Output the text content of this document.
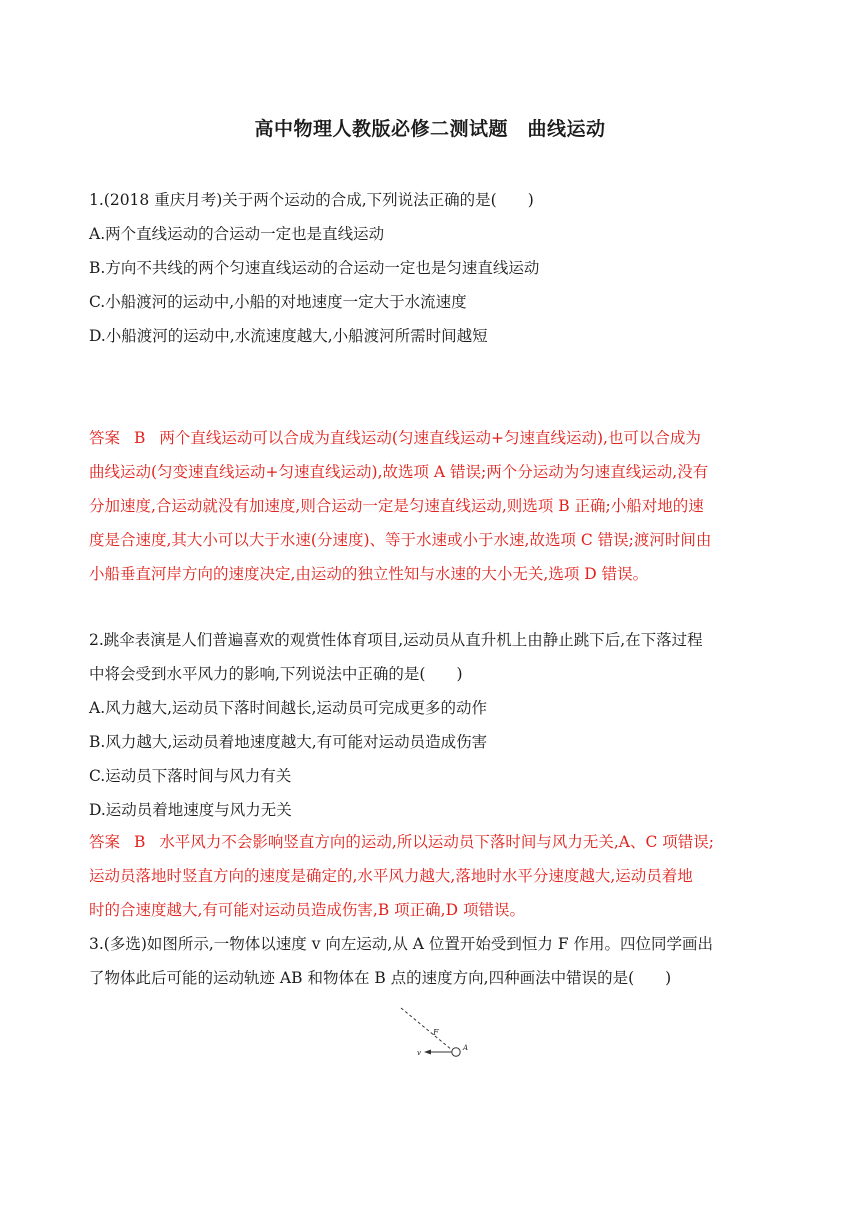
高中物理人教版必修二测试题　曲线运动
1.(2018 重庆月考)关于两个运动的合成,下列说法正确的是(　　)
A.两个直线运动的合运动一定也是直线运动
B.方向不共线的两个匀速直线运动的合运动一定也是匀速直线运动
C.小船渡河的运动中,小船的对地速度一定大于水流速度
D.小船渡河的运动中,水流速度越大,小船渡河所需时间越短
答案 B 两个直线运动可以合成为直线运动(匀速直线运动+匀速直线运动),也可以合成为
曲线运动(匀变速直线运动+匀速直线运动),故选项 A 错误;两个分运动为匀速直线运动,没有
分加速度,合运动就没有加速度,则合运动一定是匀速直线运动,则选项 B 正确;小船对地的速
度是合速度,其大小可以大于水速(分速度)、等于水速或小于水速,故选项 C 错误;渡河时间由
小船垂直河岸方向的速度决定,由运动的独立性知与水速的大小无关,选项 D 错误。
2.跳伞表演是人们普遍喜欢的观赏性体育项目,运动员从直升机上由静止跳下后,在下落过程
中将会受到水平风力的影响,下列说法中正确的是(　　)
A.风力越大,运动员下落时间越长,运动员可完成更多的动作
B.风力越大,运动员着地速度越大,有可能对运动员造成伤害
C.运动员下落时间与风力有关
D.运动员着地速度与风力无关
答案 B 水平风力不会影响竖直方向的运动,所以运动员下落时间与风力无关,A、C 项错误;
运动员落地时竖直方向的速度是确定的,水平风力越大,落地时水平分速度越大,运动员着地
时的合速度越大,有可能对运动员造成伤害,B 项正确,D 项错误。
3.(多选)如图所示,一物体以速度 v 向左运动,从 A 位置开始受到恒力 F 作用。四位同学画出
了物体此后可能的运动轨迹 AB 和物体在 B 点的速度方向,四种画法中错误的是(　　)
F
v
A
